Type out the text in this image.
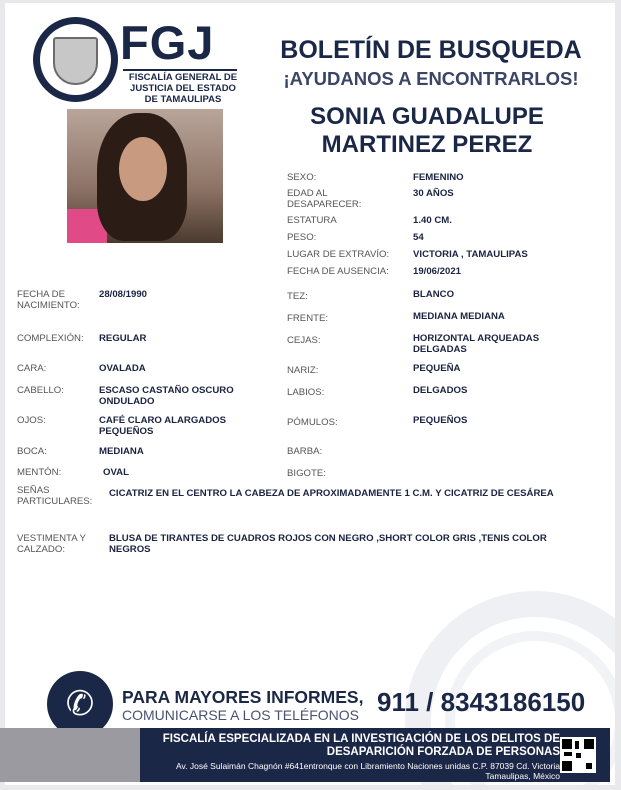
FGJ
FISCALÍA GENERAL DE JUSTICIA DEL ESTADO DE TAMAULIPAS
BOLETÍN DE BUSQUEDA
¡AYUDANOS A ENCONTRARLOS!
SONIA GUADALUPE
MARTINEZ PEREZ
SEXO:	FEMENINO
EDAD AL DESAPARECER:
30 AÑOS
ESTATURA	1.40 CM.
PESO:	54
LUGAR DE EXTRAVÍO: VICTORIA , TAMAULIPAS
FECHA DE AUSENCIA:	19/06/2021
FECHA DE NACIMIENTO:
28/08/1990
COMPLEXIÓN: REGULAR
CARA:	OVALADA
CABELLO:	ESCASO CASTAÑO OSCURO ONDULADO
OJOS:	CAFÉ CLARO ALARGADOS PEQUEÑOS
BOCA:	MEDIANA
MENTÓN:	OVAL
TEZ:	BLANCO
FRENTE:	MEDIANA MEDIANA
CEJAS:	HORIZONTAL ARQUEADAS DELGADAS
NARIZ:	PEQUEÑA
LABIOS:	DELGADOS
PÓMULOS:	PEQUEÑOS
BARBA:
BIGOTE:
SEÑAS PARTICULARES:
CICATRIZ EN EL CENTRO LA CABEZA DE APROXIMADAMENTE 1 C.M. Y CICATRIZ DE CESÁREA
VESTIMENTA Y CALZADO:
BLUSA DE TIRANTES DE CUADROS ROJOS CON NEGRO ,SHORT COLOR GRIS ,TENIS COLOR NEGROS
✆	PARA MAYORES INFORMES,
COMUNICARSE A LOS TELÉFONOS 911 / 8343186150
FISCALÍA ESPECIALIZADA EN LA INVESTIGACIÓN DE LOS DELITOS DE DESAPARICIÓN FORZADA DE PERSONAS
Av. José Sulaimán Chagnón #641entronque con Libramiento Naciones unidas C.P. 87039 Cd. Victoria Tamaulipas, México
